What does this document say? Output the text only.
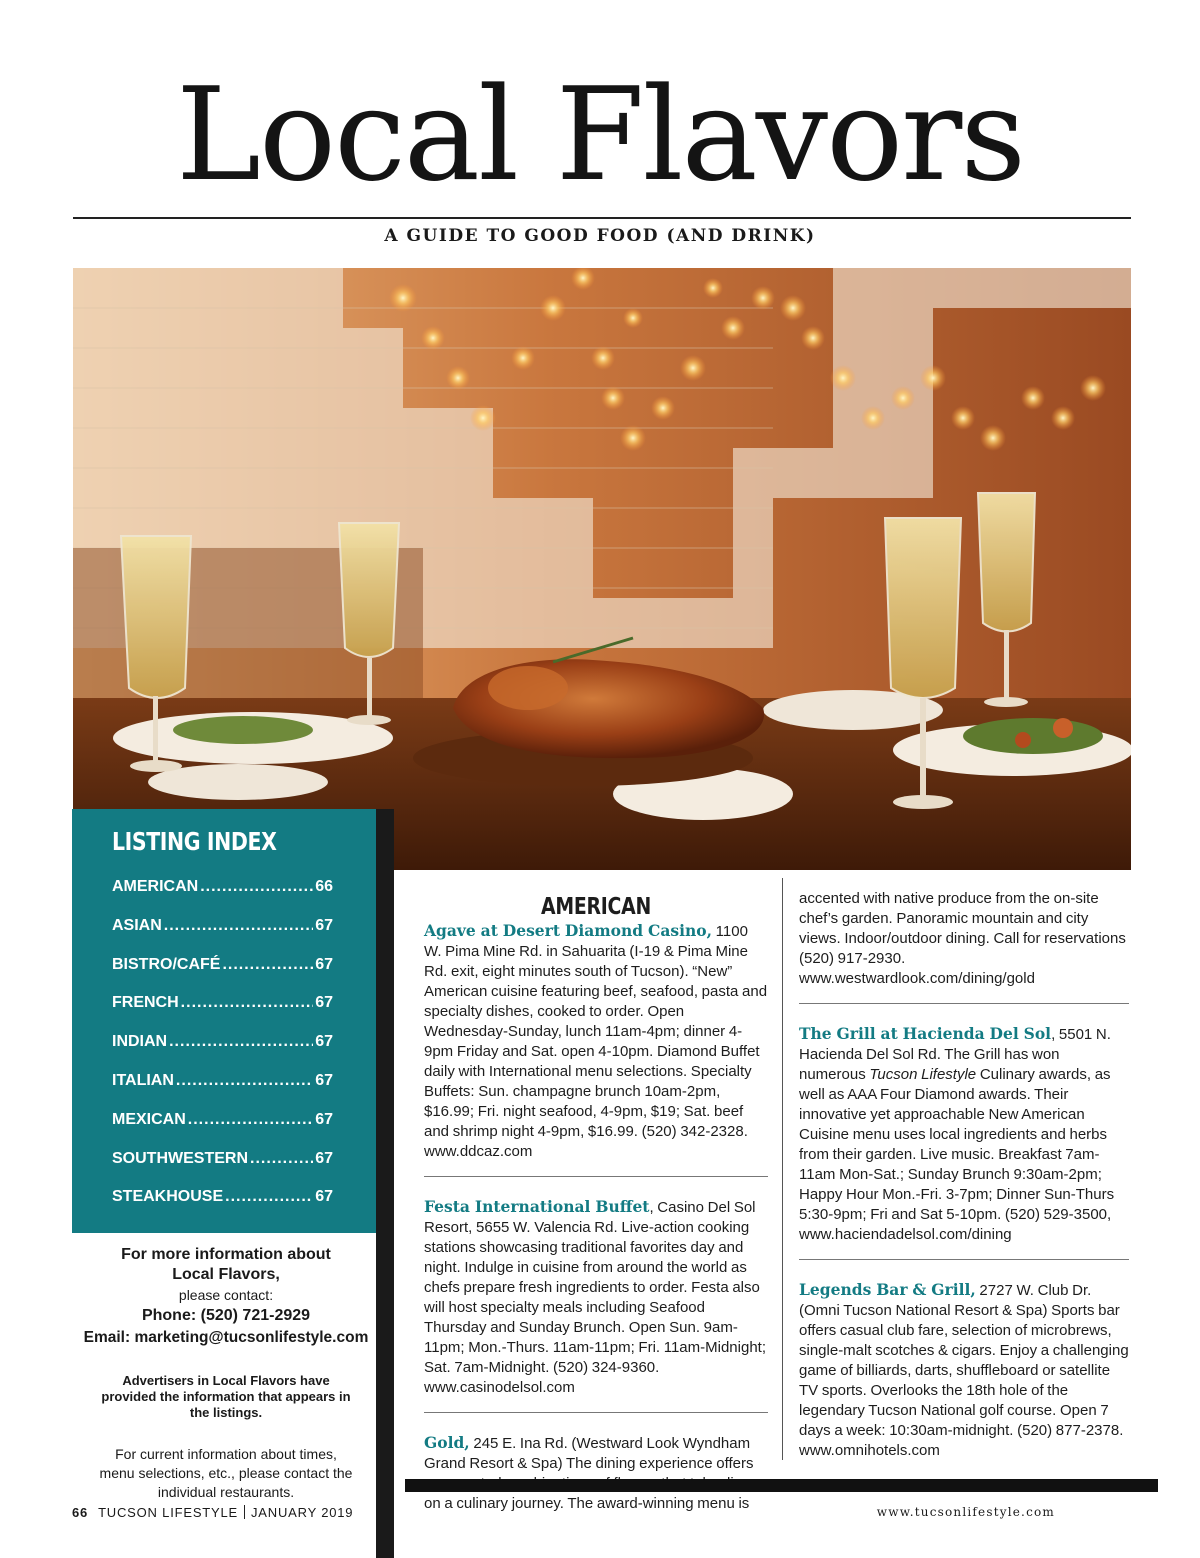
Local Flavors
A GUIDE TO GOOD FOOD (AND DRINK)
LISTING INDEX
AMERICAN .....	66
ASIAN .....	67
BISTRO/CAFÉ .....	67
FRENCH .....	67
INDIAN .....	67
ITALIAN .....	67
MEXICAN .....	67
SOUTHWESTERN .....	67
STEAKHOUSE .....	67
For more information about
Local Flavors,
please contact:
Phone: (520) 721-2929
Email: marketing@tucsonlifestyle.com
Advertisers in Local Flavors have provided the information that appears in the listings.
For current information about times, menu selections, etc., please contact the individual restaurants.
AMERICAN

Agave at Desert Diamond Casino, 1100 W. Pima Mine Rd. in Sahuarita (I-19 & Pima Mine Rd. exit, eight minutes south of Tucson). “New” American cuisine featuring beef, seafood, pasta and specialty dishes, cooked to order. Open Wednesday-Sunday, lunch 11am-4pm; dinner 4-9pm Friday and Sat. open 4-10pm. Diamond Buffet daily with International menu selections. Specialty Buffets: Sun. champagne brunch 10am-2pm, $16.99; Fri. night seafood, 4-9pm, $19; Sat. beef and shrimp night 4-9pm, $16.99. (520) 342-2328. www.ddcaz.com

Festa International Buffet, Casino Del Sol Resort, 5655 W. Valencia Rd. Live-action cooking stations showcasing traditional favorites day and night. Indulge in cuisine from around the world as chefs prepare fresh ingredients to order. Festa also will host specialty meals including Seafood Thursday and Sunday Brunch. Open Sun. 9am-11pm; Mon.-Thurs. 11am-11pm; Fri. 11am-Midnight; Sat. 7am-Midnight. (520) 324-9360. www.casinodelsol.com

Gold, 245 E. Ina Rd. (Westward Look Wyndham Grand Resort & Spa) The dining experience offers on a culinary journey. The award-winning menu is

accented with native produce from the on-site chef’s garden. Panoramic mountain and city views. Indoor/outdoor dining. Call for reservations (520) 917-2930. www.westwardlook.com/dining/gold

The Grill at Hacienda Del Sol, 5501 N. Hacienda Del Sol Rd. The Grill has won numerous Tucson Lifestyle Culinary awards, as well as AAA Four Diamond awards. Their innovative yet approachable New American Cuisine menu uses local ingredients and herbs from their garden. Live music. Breakfast 7am-11am Mon-Sat.; Sunday Brunch 9:30am-2pm; Happy Hour Mon.-Fri. 3-7pm; Dinner Sun-Thurs 5:30-9pm; Fri and Sat 5-10pm. (520) 529-3500, www.haciendadelsol.com/dining

Legends Bar & Grill, 2727 W. Club Dr. (Omni Tucson National Resort & Spa) Sports bar offers casual club fare, selection of microbrews, single-malt scotches & cigars. Enjoy a challenging game of billiards, darts, shuffleboard or satellite TV sports. Overlooks the 18th hole of the legendary Tucson National golf course. Open 7 days a week: 10:30am-midnight. (520) 877-2378. www.omnihotels.com

66 TUCSON LIFESTYLE JANUARY 2019	www.tucsonlifestyle.com
